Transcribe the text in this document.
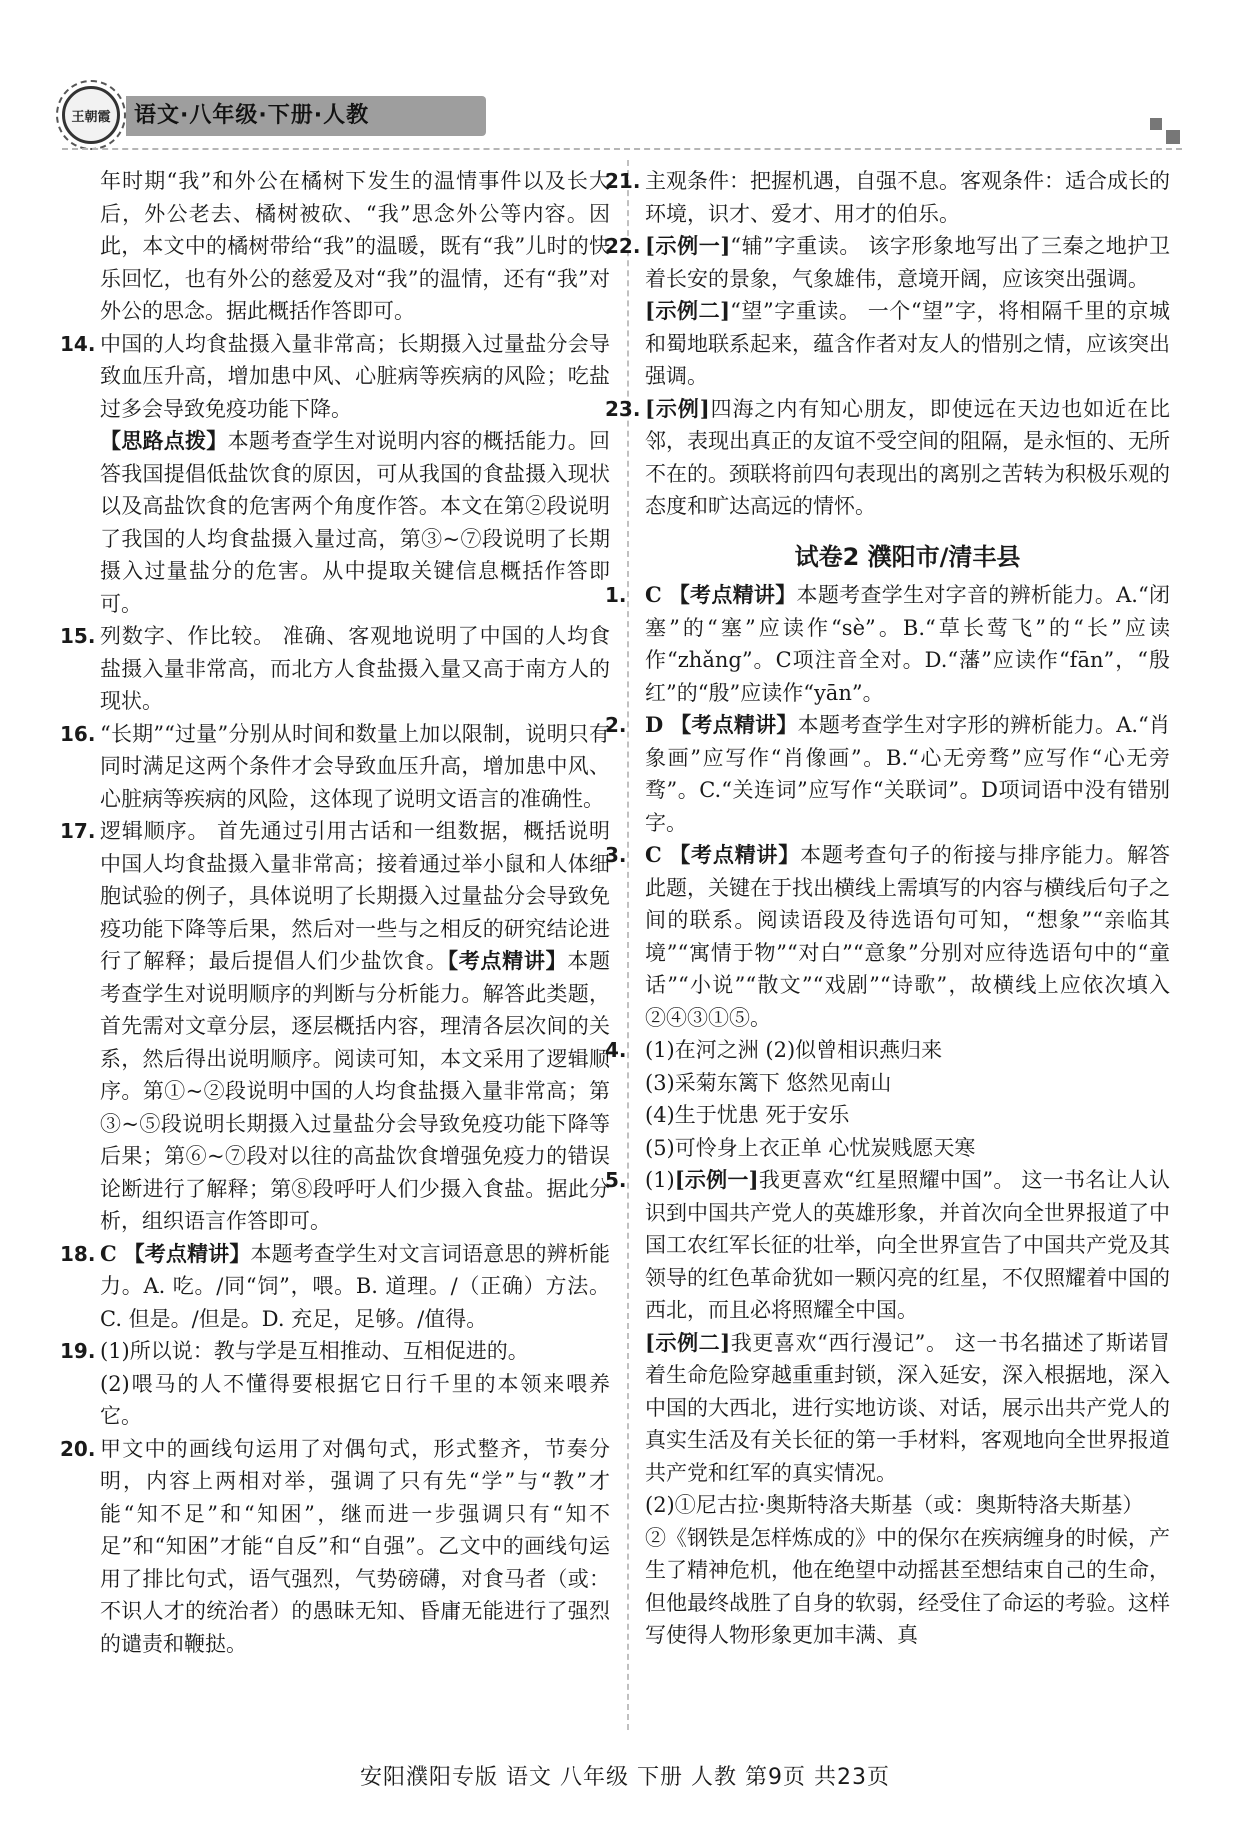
王朝霞	语文·八年级·下册·人教

年时期“我”和外公在橘树下发生的温情事件以及长大后，外公老去、橘树被砍、“我”思念外公等内容。因此，本文中的橘树带给“我”的温暖，既有“我”儿时的快乐回忆，也有外公的慈爱及对“我”的温情，还有“我”对外公的思念。据此概括作答即可。

14. 中国的人均食盐摄入量非常高；长期摄入过量盐分会导致血压升高，增加患中风、心脏病等疾病的风险；吃盐过多会导致免疫功能下降。

【思路点拨】本题考查学生对说明内容的概括能力。回答我国提倡低盐饮食的原因，可从我国的食盐摄入现状以及高盐饮食的危害两个角度作答。本文在第②段说明了我国的人均食盐摄入量过高，第③~⑦段说明了长期摄入过量盐分的危害。从中提取关键信息概括作答即可。

15. 列数字、作比较。 准确、客观地说明了中国的人均食盐摄入量非常高，而北方人食盐摄入量又高于南方人的现状。

16. “长期”“过量”分别从时间和数量上加以限制，说明只有同时满足这两个条件才会导致血压升高，增加患中风、心脏病等疾病的风险，这体现了说明文语言的准确性。

17. 逻辑顺序。 首先通过引用古话和一组数据，概括说明中国人均食盐摄入量非常高；接着通过举小鼠和人体细胞试验的例子，具体说明了长期摄入过量盐分会导致免疫功能下降等后果，然后对一些与之相反的研究结论进行了解释；最后提倡人们少盐饮食。【考点精讲】本题考查学生对说明顺序的判断与分析能力。解答此类题，首先需对文章分层，逐层概括内容，理清各层次间的关系，然后得出说明顺序。阅读可知，本文采用了逻辑顺序。第①~②段说明中国的人均食盐摄入量非常高；第③~⑤段说明长期摄入过量盐分会导致免疫功能下降等后果；第⑥~⑦段对以往的高盐饮食增强免疫力的错误论断进行了解释；第⑧段呼吁人们少摄入食盐。据此分析，组织语言作答即可。

18. C 【考点精讲】本题考查学生对文言词语意思的辨析能力。A. 吃。/同“饲”，喂。B. 道理。/（正确）方法。C. 但是。/但是。D. 充足，足够。/值得。

19. (1)所以说：教与学是互相推动、互相促进的。

(2)喂马的人不懂得要根据它日行千里的本领来喂养它。

20. 甲文中的画线句运用了对偶句式，形式整齐，节奏分明，内容上两相对举，强调了只有先“学”与“教”才能“知不足”和“知困”，继而进一步强调只有“知不足”和“知困”才能“自反”和“自强”。乙文中的画线句运用了排比句式，语气强烈，气势磅礴，对食马者（或：不识人才的统治者）的愚昧无知、昏庸无能进行了强烈的谴责和鞭挞。

21. 主观条件：把握机遇，自强不息。客观条件：适合成长的环境，识才、爱才、用才的伯乐。

22. [示例一]“辅”字重读。 该字形象地写出了三秦之地护卫着长安的景象，气象雄伟，意境开阔，应该突出强调。

[示例二]“望”字重读。 一个“望”字，将相隔千里的京城和蜀地联系起来，蕴含作者对友人的惜别之情，应该突出强调。

23. [示例]四海之内有知心朋友，即使远在天边也如近在比邻，表现出真正的友谊不受空间的阻隔，是永恒的、无所不在的。颈联将前四句表现出的离别之苦转为积极乐观的态度和旷达高远的情怀。

试卷2 濮阳市/清丰县
1. C 【考点精讲】本题考查学生对字音的辨析能力。A.“闭塞”的“塞”应读作“sè”。B.“草长莺飞”的“长”应读作“zhǎng”。C项注音全对。D.“藩”应读作“fān”，“殷红”的“殷”应读作“yān”。

2. D 【考点精讲】本题考查学生对字形的辨析能力。A.“肖象画”应写作“肖像画”。B.“心无旁骛”应写作“心无旁骛”。C.“关连词”应写作“关联词”。D项词语中没有错别字。

3. C 【考点精讲】本题考查句子的衔接与排序能力。解答此题，关键在于找出横线上需填写的内容与横线后句子之间的联系。阅读语段及待选语句可知，“想象”“亲临其境”“寓情于物”“对白”“意象”分别对应待选语句中的“童话”“小说”“散文”“戏剧”“诗歌”，故横线上应依次填入②④③①⑤。

4. (1)在河之洲 (2)似曾相识燕归来

(3)采菊东篱下 悠然见南山

(4)生于忧患 死于安乐

(5)可怜身上衣正单 心忧炭贱愿天寒

5. (1)[示例一]我更喜欢“红星照耀中国”。 这一书名让人认识到中国共产党人的英雄形象，并首次向全世界报道了中国工农红军长征的壮举，向全世界宣告了中国共产党及其领导的红色革命犹如一颗闪亮的红星，不仅照耀着中国的西北，而且必将照耀全中国。

[示例二]我更喜欢“西行漫记”。 这一书名描述了斯诺冒着生命危险穿越重重封锁，深入延安，深入根据地，深入中国的大西北，进行实地访谈、对话，展示出共产党人的真实生活及有关长征的第一手材料，客观地向全世界报道共产党和红军的真实情况。

(2)①尼古拉·奥斯特洛夫斯基（或：奥斯特洛夫斯基）

②《钢铁是怎样炼成的》中的保尔在疾病缠身的时候，产生了精神危机，他在绝望中动摇甚至想结束自己的生命，但他最终战胜了自身的软弱，经受住了命运的考验。这样写使得人物形象更加丰满、真

安阳濮阳专版 语文 八年级 下册 人教 第9页 共23页
